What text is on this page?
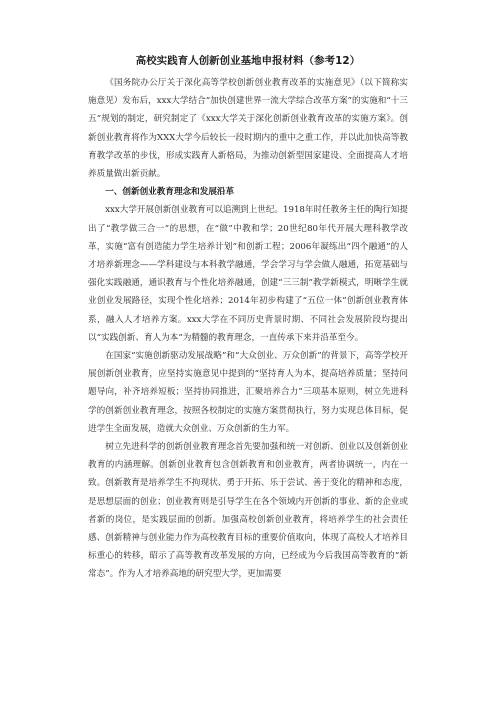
高校实践育人创新创业基地申报材料（参考12）

《国务院办公厅关于深化高等学校创新创业教育改革的实施意见》（以下简称实施意见）发布后，xxx大学结合“加快创建世界一流大学综合改革方案”的实施和“十三五”规划的制定，研究制定了《xxx大学关于深化创新创业教育改革的实施方案》。创新创业教育将作为XXX大学今后较长一段时期内的重中之重工作，并以此加快高等教育教学改革的步伐，形成实践育人新格局，为推动创新型国家建设、全面提高人才培养质量做出新贡献。

一、创新创业教育理念和发展沿革

xxx大学开展创新创业教育可以追溯到上世纪。1918年时任教务主任的陶行知提出了“教学做三合一”的思想，在“做”中教和学；20世纪80年代开展大理科教学改革，实施“富有创造能力学生培养计划”和创新工程；2006年凝练出“四个融通”的人才培养新理念——学科建设与本科教学融通，学会学习与学会做人融通，拓宽基础与强化实践融通，通识教育与个性化培养融通，创建“三三制”教学新模式，明晰学生就业创业发展路径，实现个性化培养；2014年初步构建了“五位一体”创新创业教育体系，融入人才培养方案。xxx大学在不同历史背景时期、不同社会发展阶段均提出以“实践创新、育人为本”为精髓的教育理念，一直传承下来并沿革至今。

在国家“实施创新驱动发展战略”和“大众创业、万众创新”的背景下，高等学校开展创新创业教育，应坚持实施意见中提到的“坚持育人为本，提高培养质量；坚持问题导向，补齐培养短板；坚持协同推进，汇聚培养合力”三项基本原则，树立先进科学的创新创业教育理念，按照各校制定的实施方案贯彻执行，努力实现总体目标，促进学生全面发展，造就大众创业、万众创新的生力军。

树立先进科学的创新创业教育理念首先要加强和统一对创新、创业以及创新创业教育的内涵理解。创新创业教育包含创新教育和创业教育，两者协调统一，内在一致。创新教育是培养学生不拘现状、勇于开拓、乐于尝试、善于变化的精神和态度，是思想层面的创业；创业教育则是引导学生在各个领域内开创新的事业、新的企业或者新的岗位，是实践层面的创新。加强高校创新创业教育，将培养学生的社会责任感、创新精神与创业能力作为高校教育目标的重要价值取向，体现了高校人才培养目标重心的转移，昭示了高等教育改革发展的方向，已经成为今后我国高等教育的“新常态”。作为人才培养高地的研究型大学，更加需要
